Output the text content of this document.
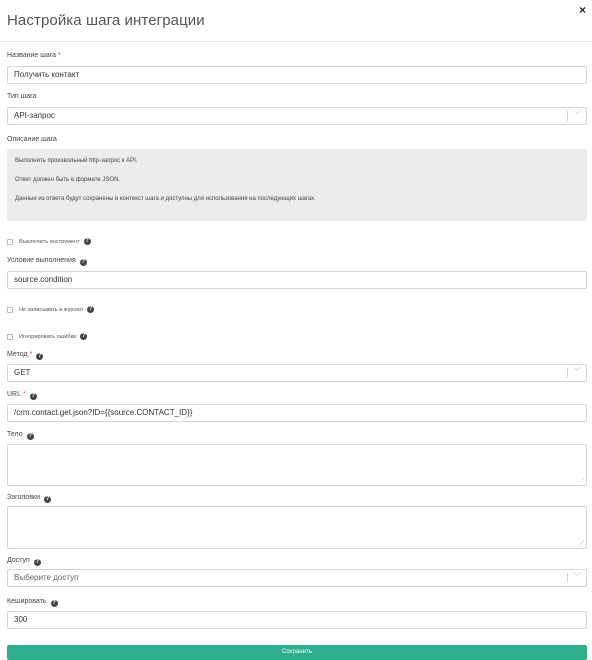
Настройка шага интеграции
×
Название шага *
Получить контакт
Тип шага
API-запрос	﹀
Описание шага

Выполнить произвольный http-запрос к API.

Ответ должен быть в формате JSON.

Данные из ответа будут сохранены в контекст шага и доступны для использования на последующих шагах

Выключить инструмент ?
Условие выполнения ?
source.condition
Не записывать в журнал ?
Игнорировать ошибки ?
Метод * ?
GET	﹀
URL * ?
/crm.contact.get.json?ID={{source.CONTACT_ID}}
Тело ?
⟋
Заголовки ?
⟋
Доступ ?
Выберите доступ	﹀
Кешировать ?
300
Сохранить
